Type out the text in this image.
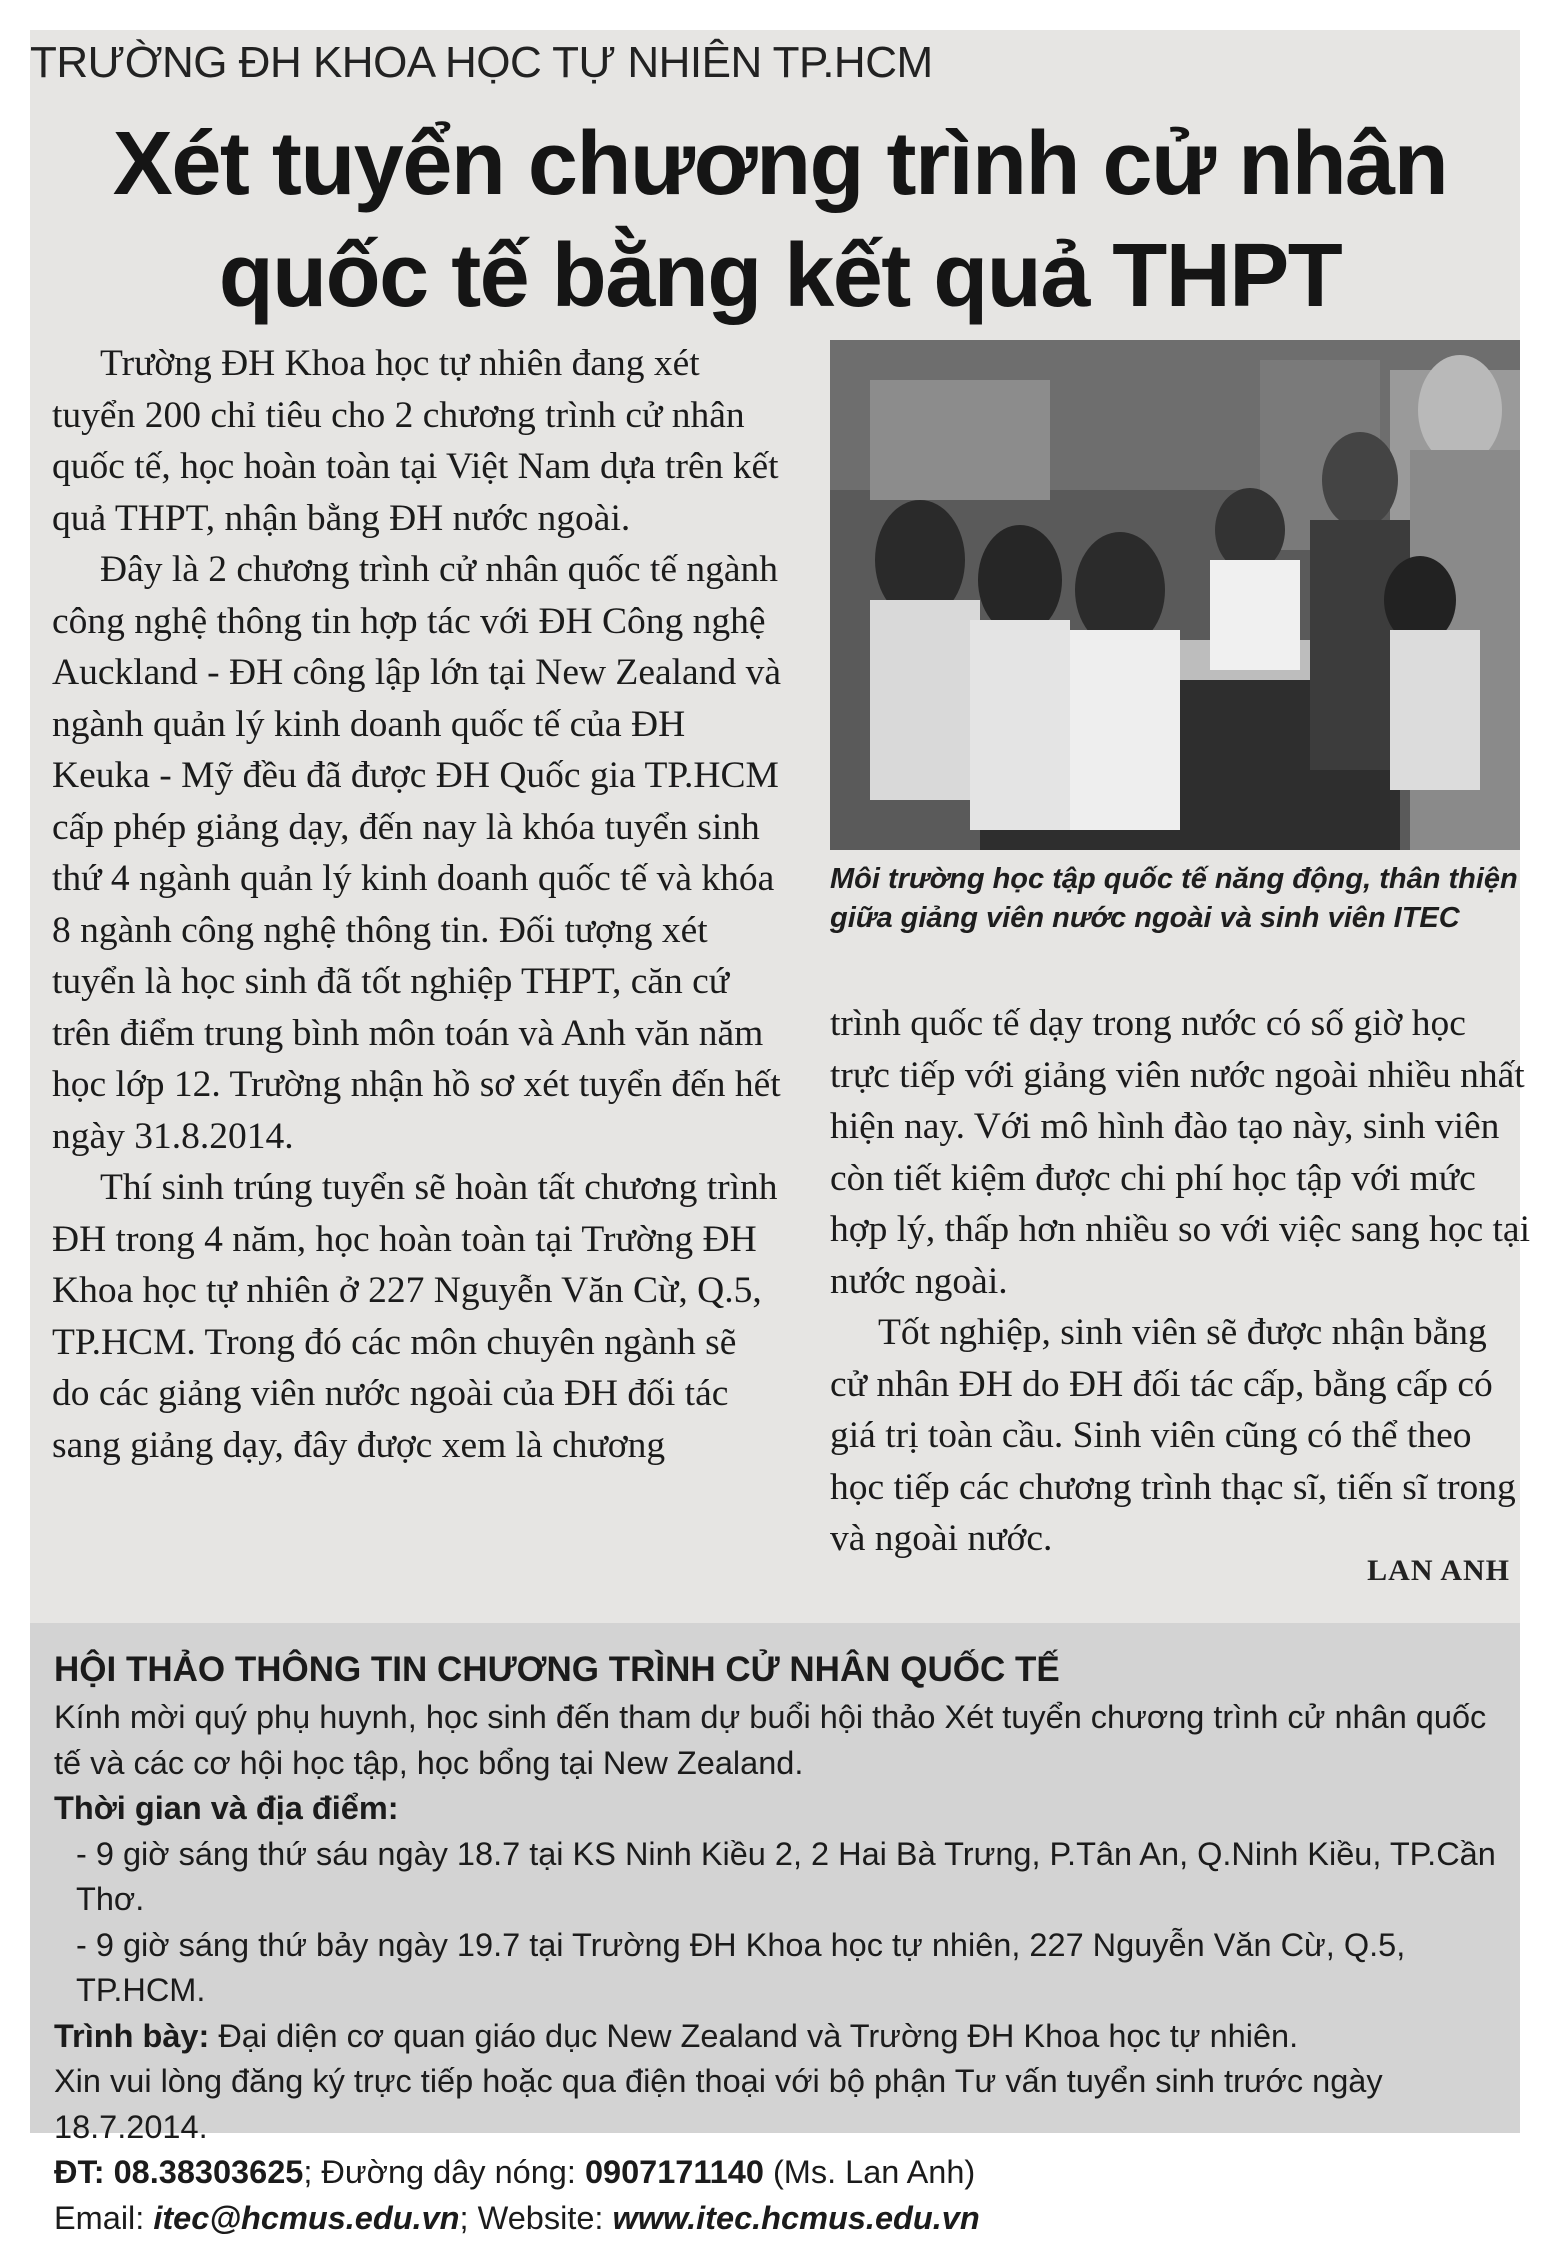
TRƯỜNG ĐH KHOA HỌC TỰ NHIÊN TP.HCM
Xét tuyển chương trình cử nhân
quốc tế bằng kết quả THPT

Trường ĐH Khoa học tự nhiên đang xét tuyển 200 chỉ tiêu cho 2 chương trình cử nhân quốc tế, học hoàn toàn tại Việt Nam dựa trên kết quả THPT, nhận bằng ĐH nước ngoài.

Đây là 2 chương trình cử nhân quốc tế ngành công nghệ thông tin hợp tác với ĐH Công nghệ Auckland - ĐH công lập lớn tại New Zealand và ngành quản lý kinh doanh quốc tế của ĐH Keuka - Mỹ đều đã được ĐH Quốc gia TP.HCM cấp phép giảng dạy, đến nay là khóa tuyển sinh thứ 4 ngành quản lý kinh doanh quốc tế và khóa 8 ngành công nghệ thông tin. Đối tượng xét tuyển là học sinh đã tốt nghiệp THPT, căn cứ trên điểm trung bình môn toán và Anh văn năm học lớp 12. Trường nhận hồ sơ xét tuyển đến hết ngày 31.8.2014.

Thí sinh trúng tuyển sẽ hoàn tất chương trình ĐH trong 4 năm, học hoàn toàn tại Trường ĐH Khoa học tự nhiên ở 227 Nguyễn Văn Cừ, Q.5, TP.HCM. Trong đó các môn chuyên ngành sẽ do các giảng viên nước ngoài của ĐH đối tác sang giảng dạy, đây được xem là chương

Môi trường học tập quốc tế năng động, thân thiện giữa giảng viên nước ngoài và sinh viên ITEC

trình quốc tế dạy trong nước có số giờ học trực tiếp với giảng viên nước ngoài nhiều nhất hiện nay. Với mô hình đào tạo này, sinh viên còn tiết kiệm được chi phí học tập với mức hợp lý, thấp hơn nhiều so với việc sang học tại nước ngoài.

Tốt nghiệp, sinh viên sẽ được nhận bằng cử nhân ĐH do ĐH đối tác cấp, bằng cấp có giá trị toàn cầu. Sinh viên cũng có thể theo học tiếp các chương trình thạc sĩ, tiến sĩ trong và ngoài nước.

LAN ANH
HỘI THẢO THÔNG TIN CHƯƠNG TRÌNH CỬ NHÂN QUỐC TẾ
Kính mời quý phụ huynh, học sinh đến tham dự buổi hội thảo Xét tuyển chương trình cử nhân quốc tế và các cơ hội học tập, học bổng tại New Zealand.
Thời gian và địa điểm:
- 9 giờ sáng thứ sáu ngày 18.7 tại KS Ninh Kiều 2, 2 Hai Bà Trưng, P.Tân An, Q.Ninh Kiều, TP.Cần Thơ.
- 9 giờ sáng thứ bảy ngày 19.7 tại Trường ĐH Khoa học tự nhiên, 227 Nguyễn Văn Cừ, Q.5, TP.HCM.
Trình bày: Đại diện cơ quan giáo dục New Zealand và Trường ĐH Khoa học tự nhiên.
Xin vui lòng đăng ký trực tiếp hoặc qua điện thoại với bộ phận Tư vấn tuyển sinh trước ngày 18.7.2014.
ĐT: 08.38303625; Đường dây nóng: 0907171140 (Ms. Lan Anh)
Email: itec@hcmus.edu.vn; Website: www.itec.hcmus.edu.vn
